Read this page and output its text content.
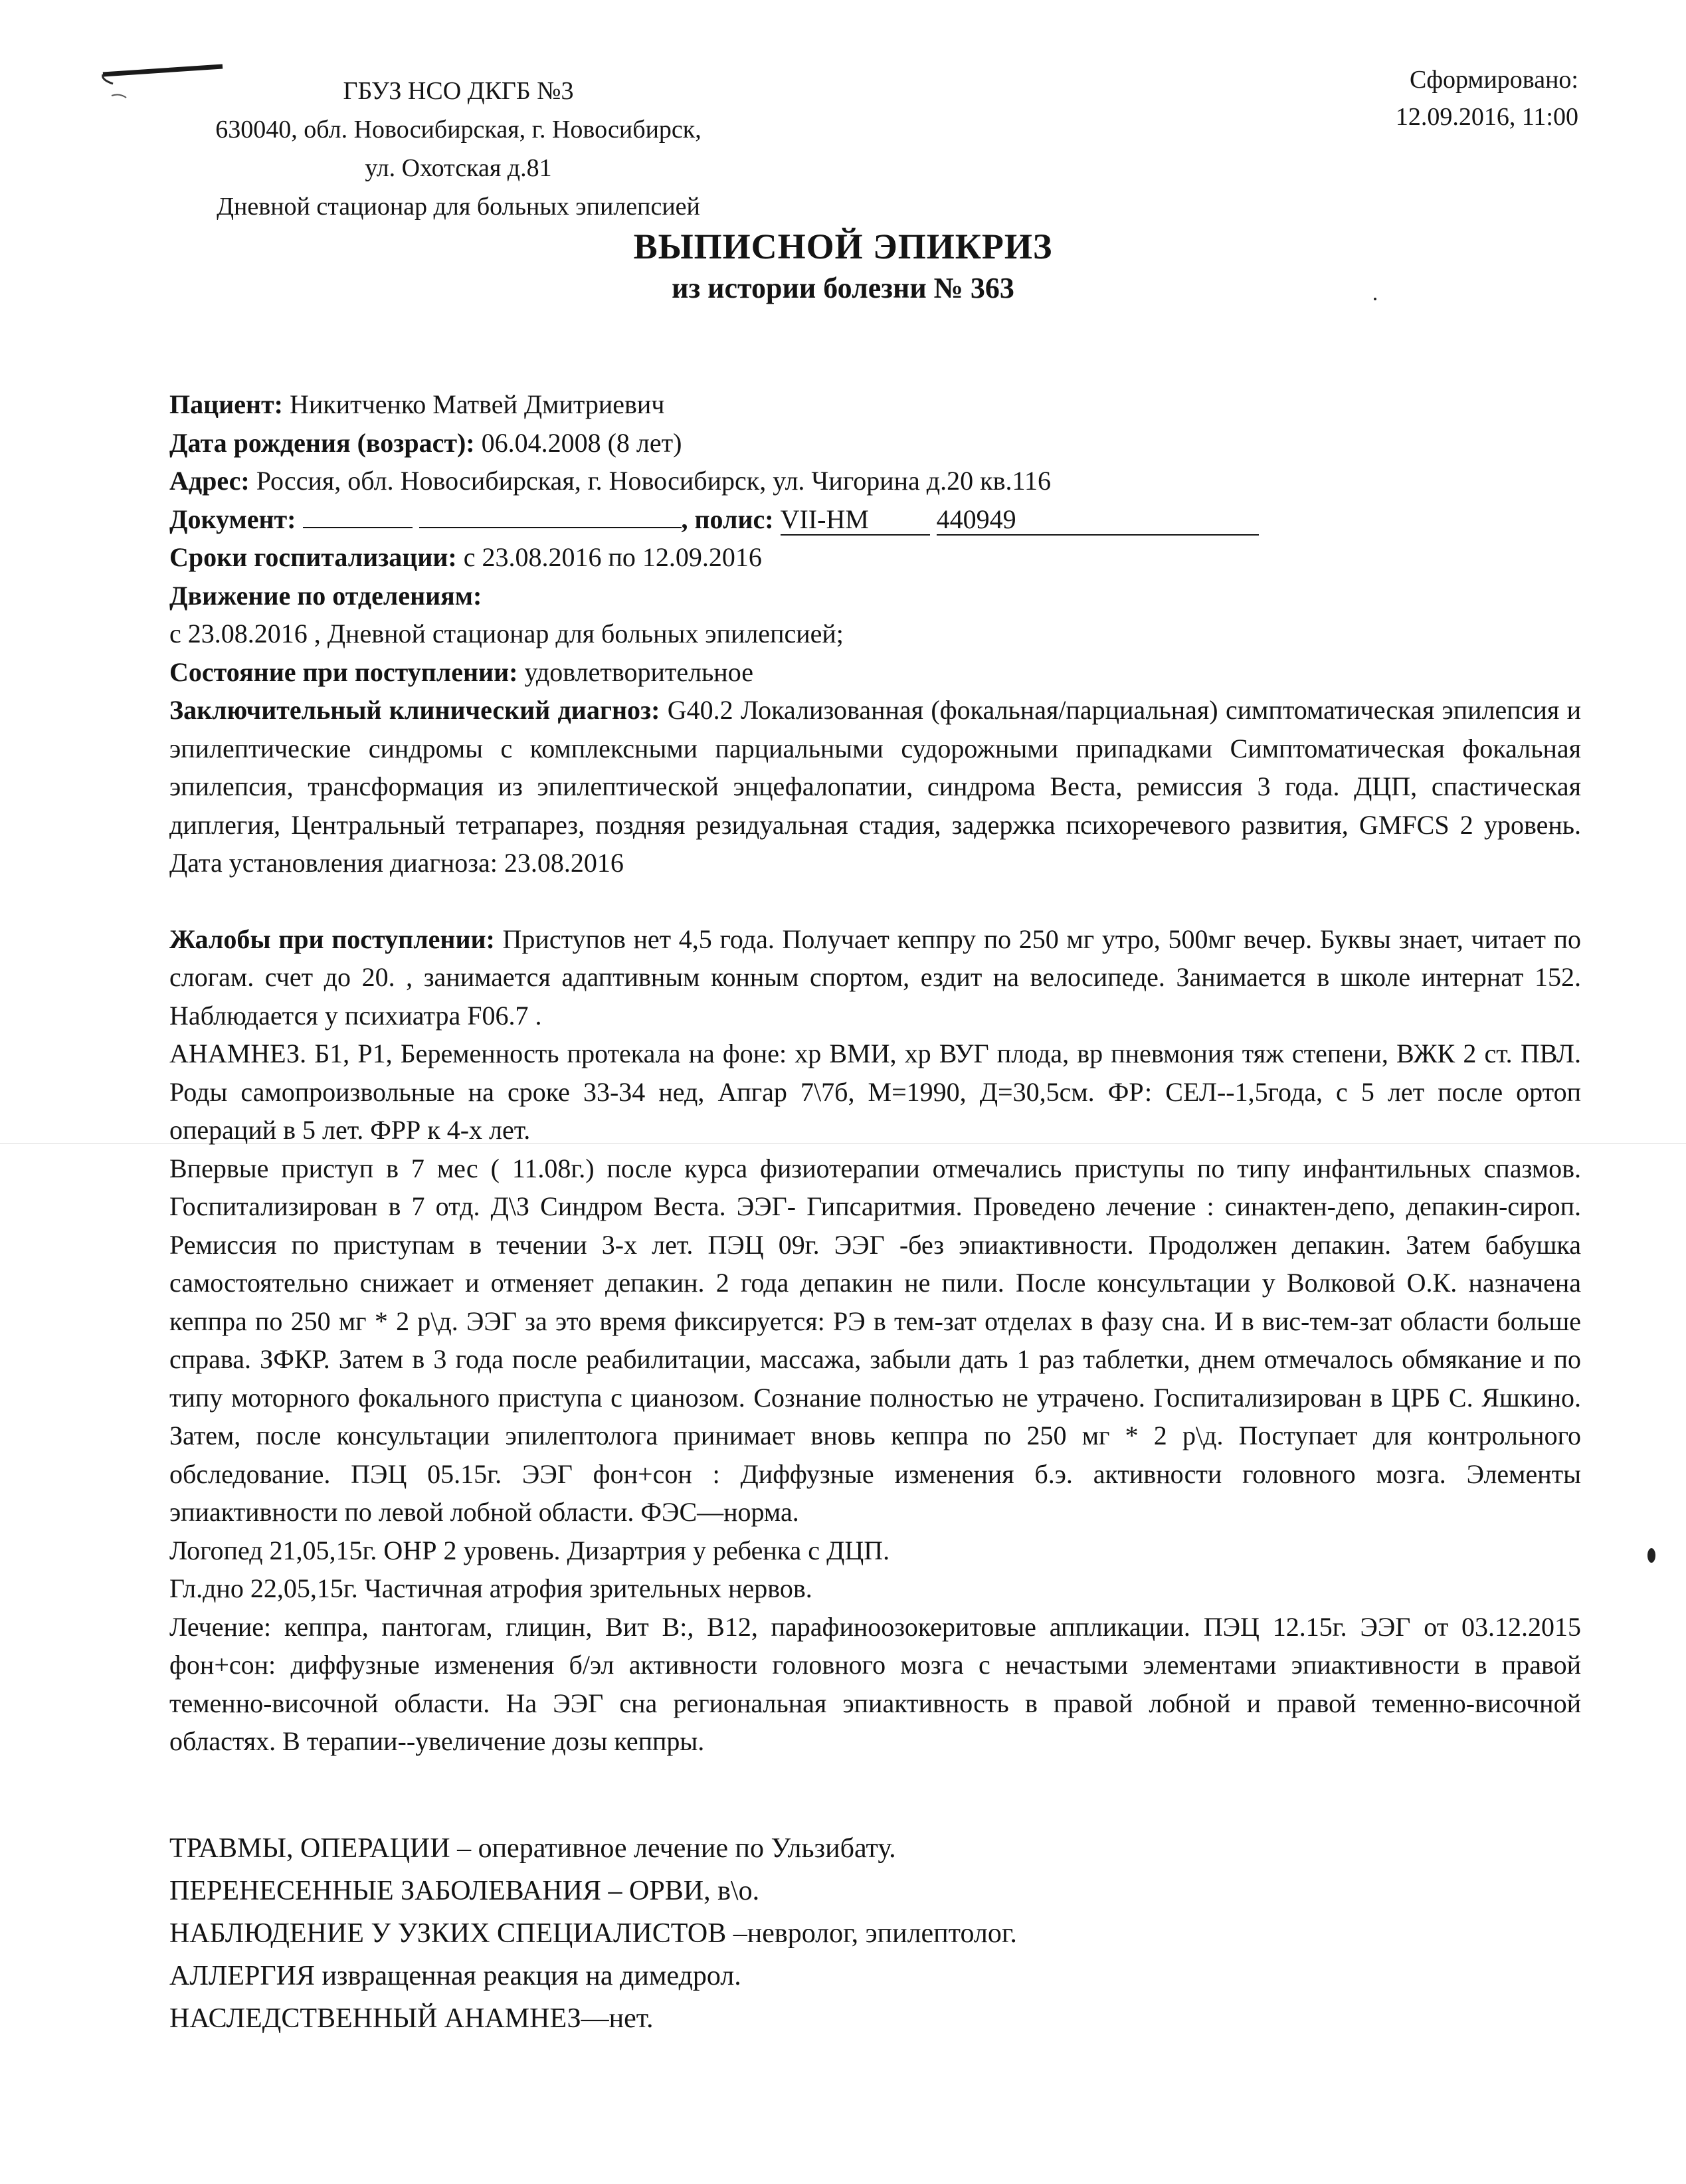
ГБУЗ НСО ДКГБ №3
630040, обл. Новосибирская, г. Новосибирск,
ул. Охотская д.81
Дневной стационар для больных эпилепсией
Сформировано:
12.09.2016, 11:00
ВЫПИСНОЙ ЭПИКРИЗ
из истории болезни № 363

Пациент: Никитченко Матвей Дмитриевич

Дата рождения (возраст): 06.04.2008 (8 лет)

Адрес: Россия, обл. Новосибирская, г. Новосибирск, ул. Чигорина д.20 кв.116

Документ:	, полис: VII-НМ	440949

Сроки госпитализации: с 23.08.2016 по 12.09.2016

Движение по отделениям:

с 23.08.2016 , Дневной стационар для больных эпилепсией;

Состояние при поступлении: удовлетворительное

Заключительный клинический диагноз: G40.2 Локализованная (фокальная/парциальная) симптоматическая эпилепсия и эпилептические синдромы с комплексными парциальными судорожными припадками Симптоматическая фокальная эпилепсия, трансформация из эпилептической энцефалопатии, синдрома Веста, ремиссия 3 года. ДЦП, спастическая диплегия, Центральный тетрапарез, поздняя резидуальная стадия, задержка психоречевого развития, GMFCS 2 уровень. Дата установления диагноза: 23.08.2016

Жалобы при поступлении: Приступов нет 4,5 года. Получает кеппру по 250 мг утро, 500мг вечер. Буквы знает, читает по слогам. счет до 20. , занимается адаптивным конным спортом, ездит на велосипеде. Занимается в школе интернат 152. Наблюдается у психиатра F06.7 .

АНАМНЕЗ. Б1, Р1, Беременность протекала на фоне: хр ВМИ, хр ВУГ плода, вр пневмония тяж степени, ВЖК 2 ст. ПВЛ. Роды самопроизвольные на сроке 33-34 нед, Апгар 7\7б, М=1990, Д=30,5см. ФР: СЕЛ--1,5года, с 5 лет после ортоп операций в 5 лет. ФРР к 4-х лет.

Впервые приступ в 7 мес ( 11.08г.) после курса физиотерапии отмечались приступы по типу инфантильных спазмов. Госпитализирован в 7 отд. Д\З Синдром Веста. ЭЭГ- Гипсаритмия. Проведено лечение : синактен-депо, депакин-сироп. Ремиссия по приступам в течении 3-х лет. ПЭЦ 09г. ЭЭГ -без эпиактивности. Продолжен депакин. Затем бабушка самостоятельно снижает и отменяет депакин. 2 года депакин не пили. После консультации у Волковой О.К. назначена кеппра по 250 мг * 2 р\д. ЭЭГ за это время фиксируется: РЭ в тем-зат отделах в фазу сна. И в вис-тем-зат области больше справа. ЗФКР. Затем в 3 года после реабилитации, массажа, забыли дать 1 раз таблетки, днем отмечалось обмякание и по типу моторного фокального приступа с цианозом. Сознание полностью не утрачено. Госпитализирован в ЦРБ С. Яшкино. Затем, после консультации эпилептолога принимает вновь кеппра по 250 мг * 2 р\д. Поступает для контрольного обследование. ПЭЦ 05.15г. ЭЭГ фон+сон : Диффузные изменения б.э. активности головного мозга. Элементы эпиактивности по левой лобной области. ФЭС—норма.

Логопед 21,05,15г. ОНР 2 уровень. Дизартрия у ребенка с ДЦП.

Гл.дно 22,05,15г. Частичная атрофия зрительных нервов.

Лечение: кеппра, пантогам, глицин, Вит В:, В12, парафиноозокеритовые аппликации. ПЭЦ 12.15г. ЭЭГ от 03.12.2015 фон+сон: диффузные изменения б/эл активности головного мозга с нечастыми элементами эпиактивности в правой теменно-височной области. На ЭЭГ сна региональная эпиактивность в правой лобной и правой теменно-височной областях. В терапии--увеличение дозы кеппры.

ТРАВМЫ, ОПЕРАЦИИ – оперативное лечение по Ульзибату.

ПЕРЕНЕСЕННЫЕ ЗАБОЛЕВАНИЯ – ОРВИ, в\о.

НАБЛЮДЕНИЕ У УЗКИХ СПЕЦИАЛИСТОВ –невролог, эпилептолог.

АЛЛЕРГИЯ извращенная реакция на димедрол.

НАСЛЕДСТВЕННЫЙ АНАМНЕЗ—нет.
